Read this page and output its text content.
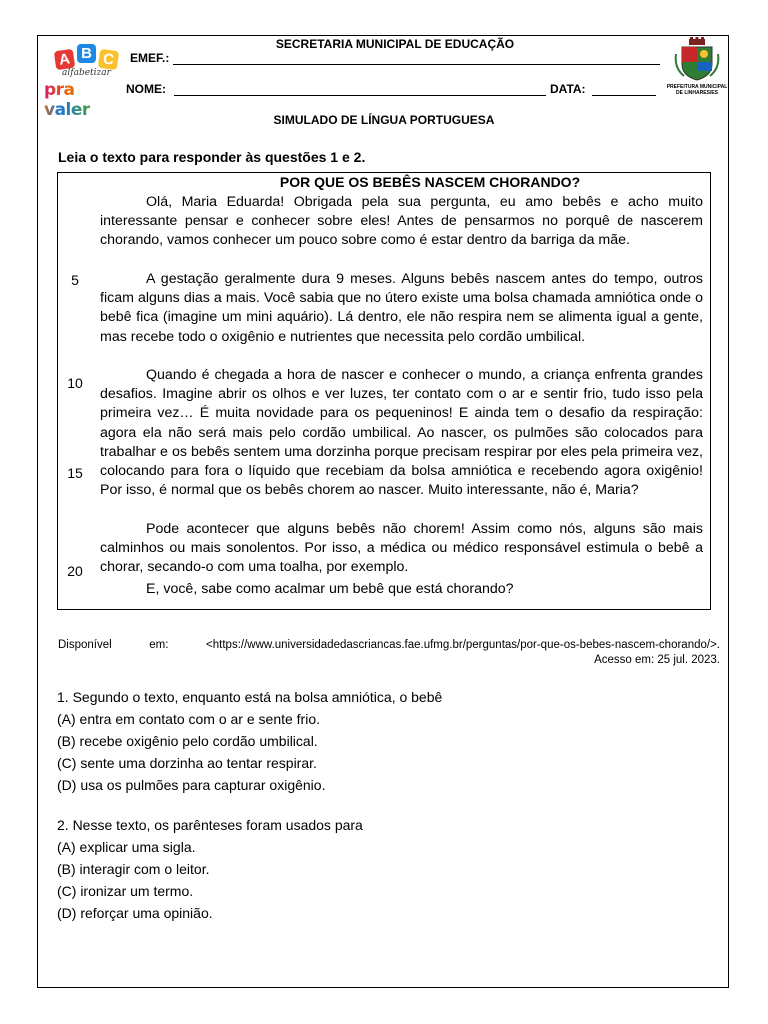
A B C
alfabetizar
pra valer
SECRETARIA MUNICIPAL DE EDUCAÇÃO
EMEF.:
NOME:	DATA:	PREFEITURA MUNICIPAL DE LINHARES/ES
SIMULADO DE LÍNGUA PORTUGUESA
Leia o texto para responder às questões 1 e 2.
POR QUE OS BEBÊS NASCEM CHORANDO?
Olá, Maria Eduarda! Obrigada pela sua pergunta, eu amo bebês e acho muito interessante pensar e conhecer sobre eles! Antes de pensarmos no porquê de nascerem chorando, vamos conhecer um pouco sobre como é estar dentro da barriga da mãe.
A gestação geralmente dura 9 meses. Alguns bebês nascem antes do tempo, outros ficam alguns dias a mais. Você sabia que no útero existe uma bolsa chamada amniótica onde o bebê fica (imagine um mini aquário). Lá dentro, ele não respira nem se alimenta igual a gente, mas recebe todo o oxigênio e nutrientes que necessita pelo cordão umbilical.
Quando é chegada a hora de nascer e conhecer o mundo, a criança enfrenta grandes desafios. Imagine abrir os olhos e ver luzes, ter contato com o ar e sentir frio, tudo isso pela primeira vez… É muita novidade para os pequeninos! E ainda tem o desafio da respiração: agora ela não será mais pelo cordão umbilical. Ao nascer, os pulmões são colocados para trabalhar e os bebês sentem uma dorzinha porque precisam respirar por eles pela primeira vez, colocando para fora o líquido que recebiam da bolsa amniótica e recebendo agora oxigênio! Por isso, é normal que os bebês chorem ao nascer. Muito interessante, não é, Maria?
Pode acontecer que alguns bebês não chorem! Assim como nós, alguns são mais calminhos ou mais sonolentos. Por isso, a médica ou médico responsável estimula o bebê a chorar, secando-o com uma toalha, por exemplo.
E, você, sabe como acalmar um bebê que está chorando?
5
10
15
20
Disponível em: <https://www.universidadedascriancas.fae.ufmg.br/perguntas/por-que-os-bebes-nascem-chorando/>.
Acesso em: 25 jul. 2023.
1. Segundo o texto, enquanto está na bolsa amniótica, o bebê
(A) entra em contato com o ar e sente frio.
(B) recebe oxigênio pelo cordão umbilical.
(C) sente uma dorzinha ao tentar respirar.
(D) usa os pulmões para capturar oxigênio.
2. Nesse texto, os parênteses foram usados para
(A) explicar uma sigla.
(B) interagir com o leitor.
(C) ironizar um termo.
(D) reforçar uma opinião.
